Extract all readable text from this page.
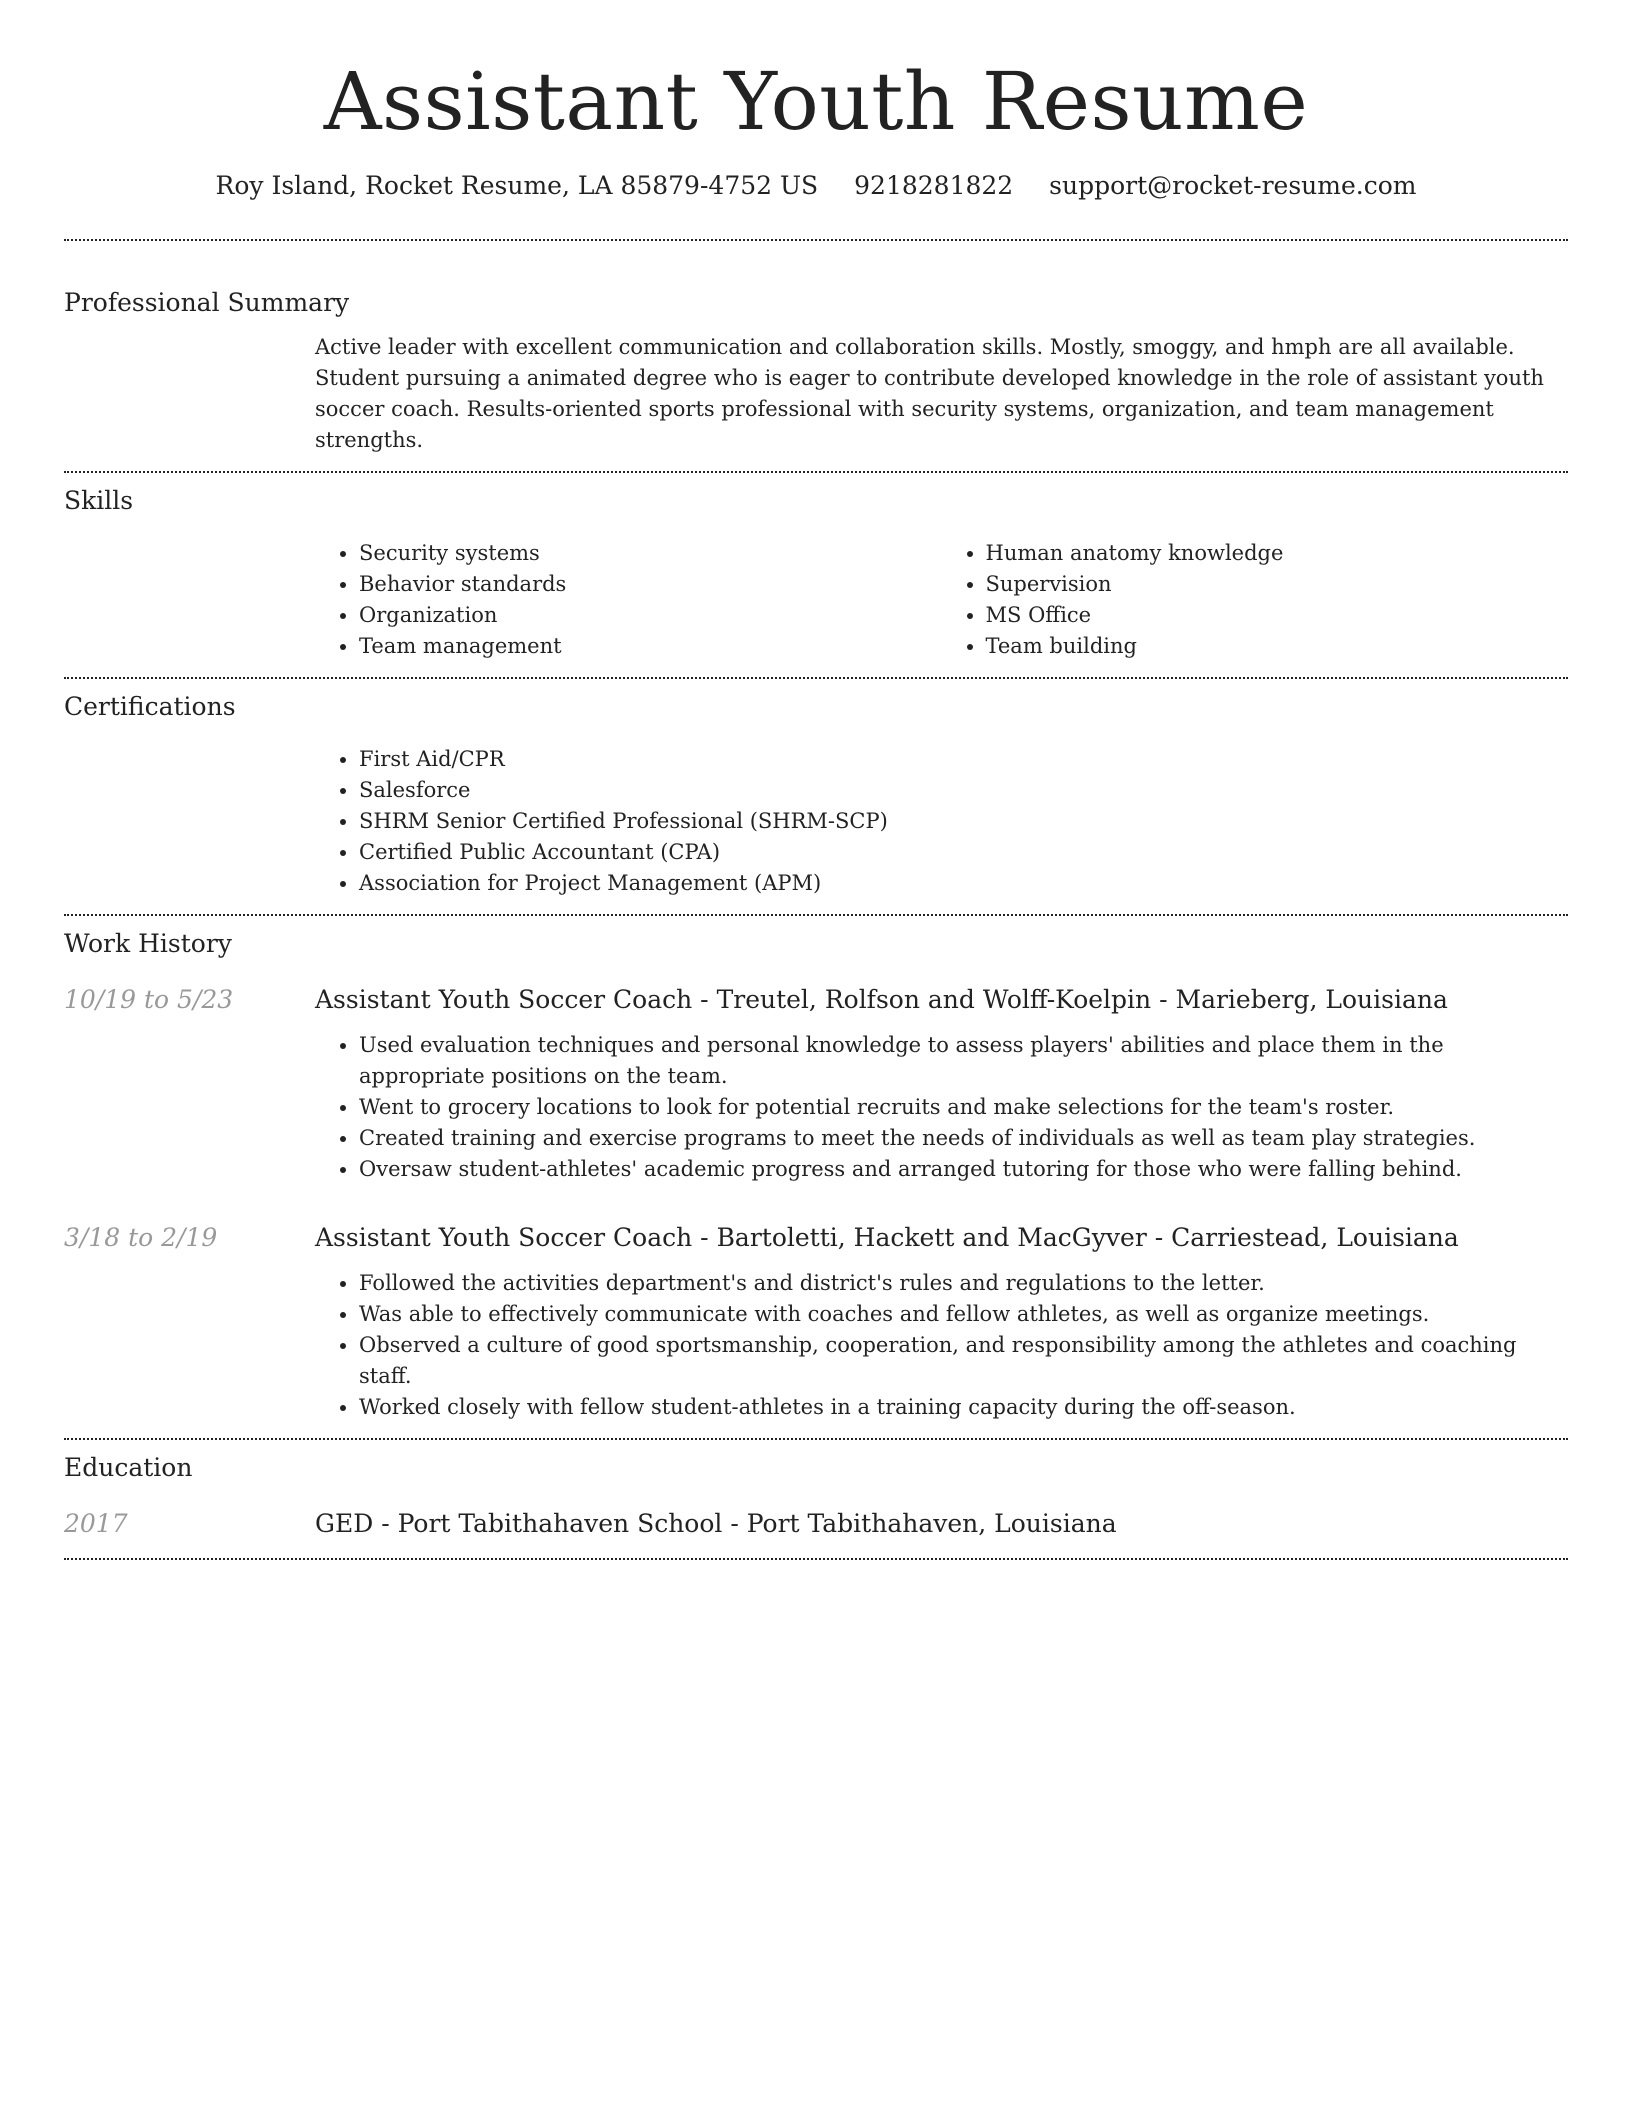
Assistant Youth Resume
Roy Island, Rocket Resume, LA 85879-4752 US 9218281822 support@rocket-resume.com
Professional Summary

Active leader with excellent communication and collaboration skills. Mostly, smoggy, and hmph are all available. Student pursuing a animated degree who is eager to contribute developed knowledge in the role of assistant youth soccer coach. Results-oriented sports professional with security systems, organization, and team management strengths.

Skills
• Security systems
• Behavior standards
• Organization
• Team management
• Human anatomy knowledge
• Supervision
• MS Office
• Team building
Certifications
• First Aid/CPR
• Salesforce
• SHRM Senior Certified Professional (SHRM-SCP)
• Certified Public Accountant (CPA)
• Association for Project Management (APM)
Work History
10/19 to 5/23	Assistant Youth Soccer Coach - Treutel, Rolfson and Wolff-Koelpin - Marieberg, Louisiana
• Used evaluation techniques and personal knowledge to assess players' abilities and place them in the appropriate positions on the team.
• Went to grocery locations to look for potential recruits and make selections for the team's roster.
• Created training and exercise programs to meet the needs of individuals as well as team play strategies.
• Oversaw student-athletes' academic progress and arranged tutoring for those who were falling behind.
3/18 to 2/19	Assistant Youth Soccer Coach - Bartoletti, Hackett and MacGyver - Carriestead, Louisiana
• Followed the activities department's and district's rules and regulations to the letter.
• Was able to effectively communicate with coaches and fellow athletes, as well as organize meetings.
• Observed a culture of good sportsmanship, cooperation, and responsibility among the athletes and coaching staff.
• Worked closely with fellow student-athletes in a training capacity during the off-season.
Education
2017	GED - Port Tabithahaven School - Port Tabithahaven, Louisiana
